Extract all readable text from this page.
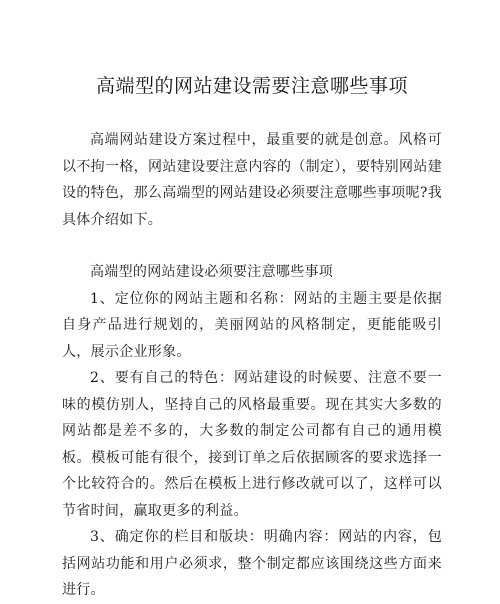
高端型的网站建设需要注意哪些事项

高端网站建设方案过程中，最重要的就是创意。风格可以不拘一格，网站建设要注意内容的（制定），要特别网站建设的特色，那么高端型的网站建设必须要注意哪些事项呢?我具体介绍如下。

高端型的网站建设必须要注意哪些事项

1、定位你的网站主题和名称：网站的主题主要是依据自身产品进行规划的，美丽网站的风格制定，更能能吸引人，展示企业形象。

2、要有自己的特色：网站建设的时候要、注意不要一味的模仿别人，坚持自己的风格最重要。现在其实大多数的网站都是差不多的，大多数的制定公司都有自己的通用模板。模板可能有很个，接到订单之后依据顾客的要求选择一个比较符合的。然后在模板上进行修改就可以了，这样可以节省时间，赢取更多的利益。

3、确定你的栏目和版块：明确内容：网站的内容，包括网站功能和用户必须求，整个制定都应该围绕这些方面来进行。
